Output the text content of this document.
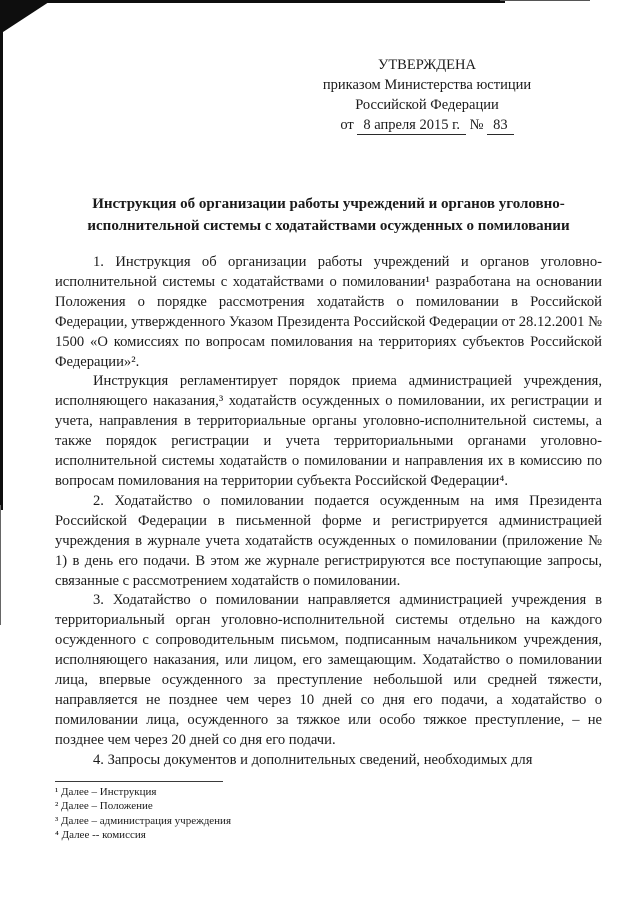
УТВЕРЖДЕНА
приказом Министерства юстиции
Российской Федерации
от 8 апреля 2015 г. № 83
Инструкция об организации работы учреждений и органов уголовно-исполнительной системы с ходатайствами осужденных о помиловании

1. Инструкция об организации работы учреждений и органов уголовно-исполнительной системы с ходатайствами о помиловании¹ разработана на основании Положения о порядке рассмотрения ходатайств о помиловании в Российской Федерации, утвержденного Указом Президента Российской Федерации от 28.12.2001 № 1500 «О комиссиях по вопросам помилования на территориях субъектов Российской Федерации»².

Инструкция регламентирует порядок приема администрацией учреждения, исполняющего наказания,³ ходатайств осужденных о помиловании, их регистрации и учета, направления в территориальные органы уголовно-исполнительной системы, а также порядок регистрации и учета территориальными органами уголовно-исполнительной системы ходатайств о помиловании и направления их в комиссию по вопросам помилования на территории субъекта Российской Федерации⁴.

2. Ходатайство о помиловании подается осужденным на имя Президента Российской Федерации в письменной форме и регистрируется администрацией учреждения в журнале учета ходатайств осужденных о помиловании (приложение № 1) в день его подачи. В этом же журнале регистрируются все поступающие запросы, связанные с рассмотрением ходатайств о помиловании.

3. Ходатайство о помиловании направляется администрацией учреждения в территориальный орган уголовно-исполнительной системы отдельно на каждого осужденного с сопроводительным письмом, подписанным начальником учреждения, исполняющего наказания, или лицом, его замещающим. Ходатайство о помиловании лица, впервые осужденного за преступление небольшой или средней тяжести, направляется не позднее чем через 10 дней со дня его подачи, а ходатайство о помиловании лица, осужденного за тяжкое или особо тяжкое преступление, – не позднее чем через 20 дней со дня его подачи.

4. Запросы документов и дополнительных сведений, необходимых для

¹ Далее – Инструкция
² Далее – Положение
³ Далее – администрация учреждения
⁴ Далее -- комиссия
